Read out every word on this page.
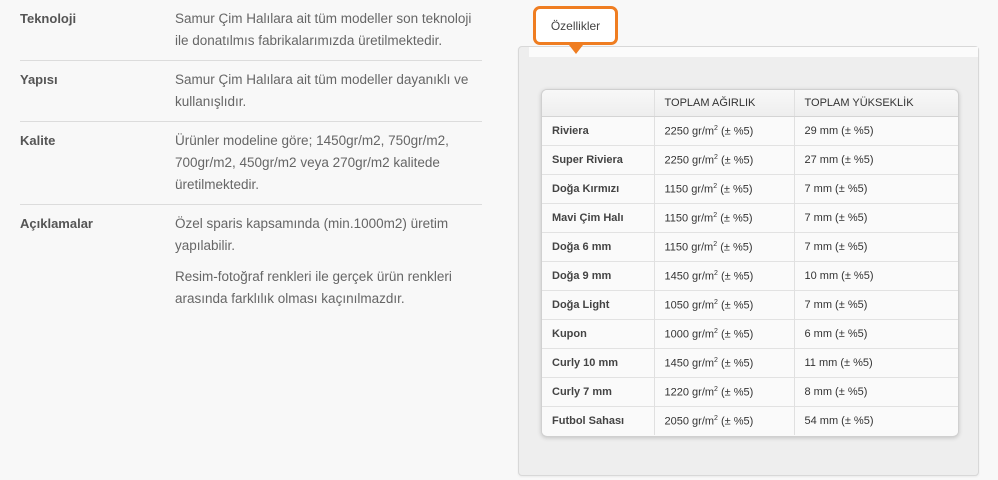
Teknoloji	Samur Çim Halılara ait tüm modeller son teknoloji ile donatılmıs fabrikalarımızda üretilmektedir.

Yapısı	Samur Çim Halılara ait tüm modeller dayanıklı ve kullanışlıdır.

Kalite	Ürünler modeline göre; 1450gr/m2, 750gr/m2, 700gr/m2, 450gr/m2 veya 270gr/m2 kalitede üretilmektedir.

Açıklamalar	Özel sparis kapsamında (min.1000m2) üretim yapılabilir.

Resim-fotoğraf renkleri ile gerçek ürün renkleri arasında farklılık olması kaçınılmazdır.

Özellikler
	TOPLAM AĞIRLIK	TOPLAM YÜKSEKLİK
Riviera	2250 $gr/m^2$ (± %5)	29 mm (± %5)
Super Riviera	2250 $gr/m^2$ (± %5)	27 mm (± %5)
Doğa Kırmızı	1150 $gr/m^2$ (± %5)	7 mm (± %5)
Mavi Çim Halı	1150 $gr/m^2$ (± %5)	7 mm (± %5)
Doğa 6 mm	1150 $gr/m^2$ (± %5)	7 mm (± %5)
Doğa 9 mm	1450 $gr/m^2$ (± %5)	10 mm (± %5)
Doğa Light	1050 $gr/m^2$ (± %5)	7 mm (± %5)
Kupon	1000 $gr/m^2$ (± %5)	6 mm (± %5)
Curly 10 mm	1450 $gr/m^2$ (± %5)	11 mm (± %5)
Curly 7 mm	1220 $gr/m^2$ (± %5)	8 mm (± %5)
Futbol Sahası	2050 $gr/m^2$ (± %5)	54 mm (± %5)
